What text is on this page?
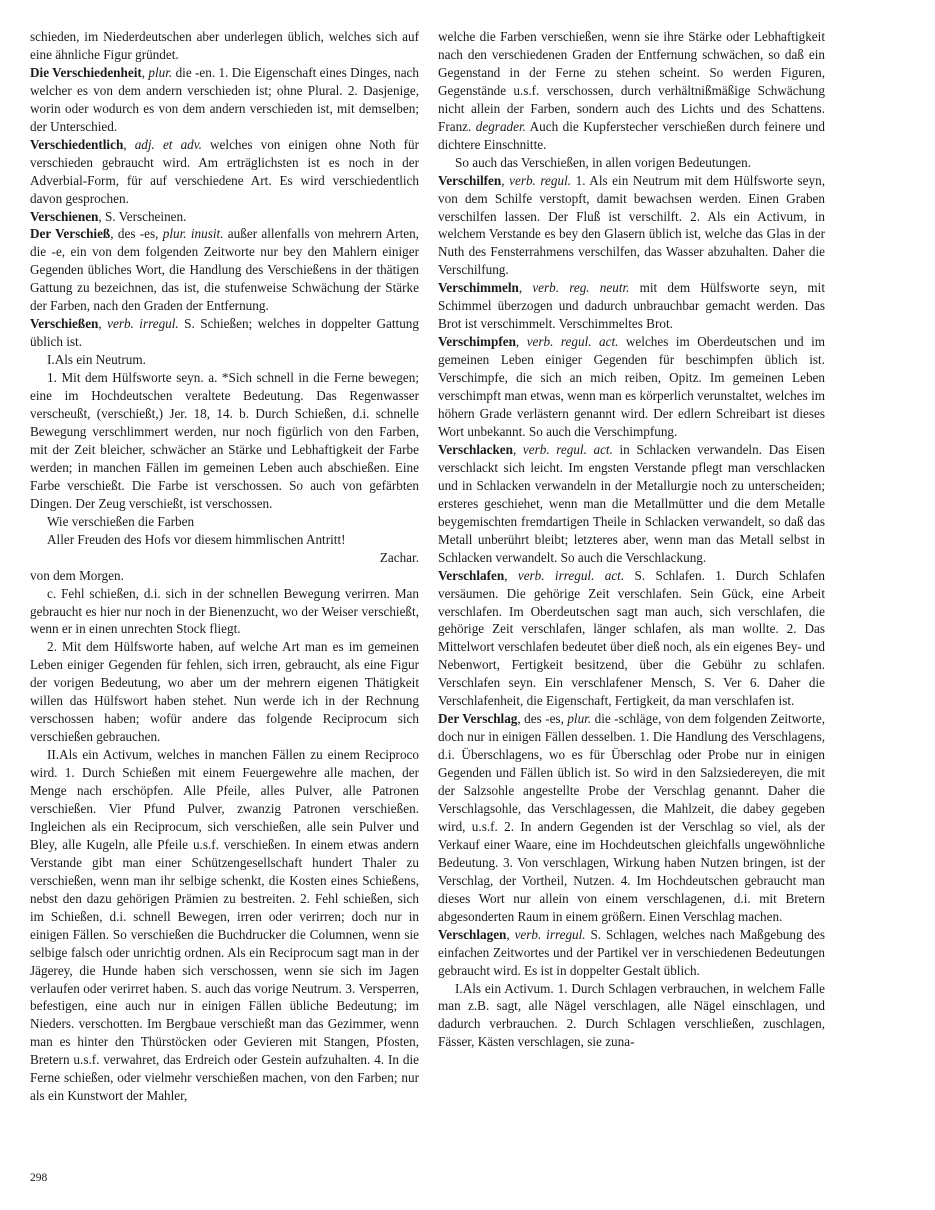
schieden, im Niederdeutschen aber underlegen üblich, welches sich auf eine ähnliche Figur gründet.

Die Verschiedenheit, plur. die -en. 1. Die Eigenschaft eines Dinges, nach welcher es von dem andern verschieden ist; ohne Plural. 2. Dasjenige, worin oder wodurch es von dem andern verschieden ist, mit demselben; der Unterschied.

Verschiedentlich, adj. et adv. welches von einigen ohne Noth für verschieden gebraucht wird. Am erträglichsten ist es noch in der Adverbial-Form, für auf verschiedene Art. Es wird verschiedentlich davon gesprochen.

Verschienen, S. Verscheinen.

Der Verschieß, des -es, plur. inusit. außer allenfalls von mehrern Arten, die -e, ein von dem folgenden Zeitworte nur bey den Mahlern einiger Gegenden übliches Wort, die Handlung des Verschießens in der thätigen Gattung zu bezeichnen, das ist, die stufenweise Schwächung der Stärke der Farben, nach den Graden der Entfernung.

Verschießen, verb. irregul. S. Schießen; welches in doppelter Gattung üblich ist.

I.Als ein Neutrum.

1. Mit dem Hülfsworte seyn. a. *Sich schnell in die Ferne bewegen; eine im Hochdeutschen veraltete Bedeutung. Das Regenwasser verscheußt, (verschießt,) Jer. 18, 14. b. Durch Schießen, d.i. schnelle Bewegung verschlimmert werden, nur noch figürlich von den Farben, mit der Zeit bleicher, schwächer an Stärke und Lebhaftigkeit der Farbe werden; in manchen Fällen im gemeinen Leben auch abschießen. Eine Farbe verschießt. Die Farbe ist verschossen. So auch von gefärbten Dingen. Der Zeug verschießt, ist verschossen.

Wie verschießen die Farben

Aller Freuden des Hofs vor diesem himmlischen Antritt!

Zachar.

von dem Morgen.

c. Fehl schießen, d.i. sich in der schnellen Bewegung verirren. Man gebraucht es hier nur noch in der Bienenzucht, wo der Weiser verschießt, wenn er in einen unrechten Stock fliegt.

2. Mit dem Hülfsworte haben, auf welche Art man es im gemeinen Leben einiger Gegenden für fehlen, sich irren, gebraucht, als eine Figur der vorigen Bedeutung, wo aber um der mehrern eigenen Thätigkeit willen das Hülfswort haben stehet. Nun werde ich in der Rechnung verschossen haben; wofür andere das folgende Reciprocum sich verschießen gebrauchen.

II.Als ein Activum, welches in manchen Fällen zu einem Reciproco wird. 1. Durch Schießen mit einem Feuergewehre alle machen, der Menge nach erschöpfen. Alle Pfeile, alles Pulver, alle Patronen verschießen. Vier Pfund Pulver, zwanzig Patronen verschießen. Ingleichen als ein Reciprocum, sich verschießen, alle sein Pulver und Bley, alle Kugeln, alle Pfeile u.s.f. verschießen. In einem etwas andern Verstande gibt man einer Schützengesellschaft hundert Thaler zu verschießen, wenn man ihr selbige schenkt, die Kosten eines Schießens, nebst den dazu gehörigen Prämien zu bestreiten. 2. Fehl schießen, sich im Schießen, d.i. schnell Bewegen, irren oder verirren; doch nur in einigen Fällen. So verschießen die Buchdrucker die Columnen, wenn sie selbige falsch oder unrichtig ordnen. Als ein Reciprocum sagt man in der Jägerey, die Hunde haben sich verschossen, wenn sie sich im Jagen verlaufen oder verirret haben. S. auch das vorige Neutrum. 3. Versperren, befestigen, eine auch nur in einigen Fällen übliche Bedeutung; im Nieders. verschotten. Im Bergbaue verschießt man das Gezimmer, wenn man es hinter den Thürstöcken oder Gevieren mit Stangen, Pfosten, Bretern u.s.f. verwahret, das Erdreich oder Gestein aufzuhalten. 4. In die Ferne schießen, oder vielmehr verschießen machen, von den Farben; nur als ein Kunstwort der Mahler,

welche die Farben verschießen, wenn sie ihre Stärke oder Lebhaftigkeit nach den verschiedenen Graden der Entfernung schwächen, so daß ein Gegenstand in der Ferne zu stehen scheint. So werden Figuren, Gegenstände u.s.f. verschossen, durch verhältnißmäßige Schwächung nicht allein der Farben, sondern auch des Lichts und des Schattens. Franz. degrader. Auch die Kupferstecher verschießen durch feinere und dichtere Einschnitte.

So auch das Verschießen, in allen vorigen Bedeutungen.

Verschilfen, verb. regul. 1. Als ein Neutrum mit dem Hülfsworte seyn, von dem Schilfe verstopft, damit bewachsen werden. Einen Graben verschilfen lassen. Der Fluß ist verschilft. 2. Als ein Activum, in welchem Verstande es bey den Glasern üblich ist, welche das Glas in der Nuth des Fensterrahmens verschilfen, das Wasser abzuhalten. Daher die Verschilfung.

Verschimmeln, verb. reg. neutr. mit dem Hülfsworte seyn, mit Schimmel überzogen und dadurch unbrauchbar gemacht werden. Das Brot ist verschimmelt. Verschimmeltes Brot.

Verschimpfen, verb. regul. act. welches im Oberdeutschen und im gemeinen Leben einiger Gegenden für beschimpfen üblich ist. Verschimpfe, die sich an mich reiben, Opitz. Im gemeinen Leben verschimpft man etwas, wenn man es körperlich verunstaltet, welches im höhern Grade verlästern genannt wird. Der edlern Schreibart ist dieses Wort unbekannt. So auch die Verschimpfung.

Verschlacken, verb. regul. act. in Schlacken verwandeln. Das Eisen verschlackt sich leicht. Im engsten Verstande pflegt man verschlacken und in Schlacken verwandeln in der Metallurgie noch zu unterscheiden; ersteres geschiehet, wenn man die Metallmütter und die dem Metalle beygemischten fremdartigen Theile in Schlacken verwandelt, so daß das Metall unberührt bleibt; letzteres aber, wenn man das Metall selbst in Schlacken verwandelt. So auch die Verschlackung.

Verschlafen, verb. irregul. act. S. Schlafen. 1. Durch Schlafen versäumen. Die gehörige Zeit verschlafen. Sein Gück, eine Arbeit verschlafen. Im Oberdeutschen sagt man auch, sich verschlafen, die gehörige Zeit verschlafen, länger schlafen, als man wollte. 2. Das Mittelwort verschlafen bedeutet über dieß noch, als ein eigenes Bey- und Nebenwort, Fertigkeit besitzend, über die Gebühr zu schlafen. Verschlafen seyn. Ein verschlafener Mensch, S. Ver 6. Daher die Verschlafenheit, die Eigenschaft, Fertigkeit, da man verschlafen ist.

Der Verschlag, des -es, plur. die -schläge, von dem folgenden Zeitworte, doch nur in einigen Fällen desselben. 1. Die Handlung des Verschlagens, d.i. Überschlagens, wo es für Überschlag oder Probe nur in einigen Gegenden und Fällen üblich ist. So wird in den Salzsiedereyen, die mit der Salzsohle angestellte Probe der Verschlag genannt. Daher die Verschlagsohle, das Verschlagessen, die Mahlzeit, die dabey gegeben wird, u.s.f. 2. In andern Gegenden ist der Verschlag so viel, als der Verkauf einer Waare, eine im Hochdeutschen gleichfalls ungewöhnliche Bedeutung. 3. Von verschlagen, Wirkung haben Nutzen bringen, ist der Verschlag, der Vortheil, Nutzen. 4. Im Hochdeutschen gebraucht man dieses Wort nur allein von einem verschlagenen, d.i. mit Bretern abgesonderten Raum in einem größern. Einen Verschlag machen.

Verschlagen, verb. irregul. S. Schlagen, welches nach Maßgebung des einfachen Zeitwortes und der Partikel ver in verschiedenen Bedeutungen gebraucht wird. Es ist in doppelter Gestalt üblich.

I.Als ein Activum. 1. Durch Schlagen verbrauchen, in welchem Falle man z.B. sagt, alle Nägel verschlagen, alle Nägel einschlagen, und dadurch verbrauchen. 2. Durch Schlagen verschließen, zuschlagen, Fässer, Kästen verschlagen, sie zuna-

298
